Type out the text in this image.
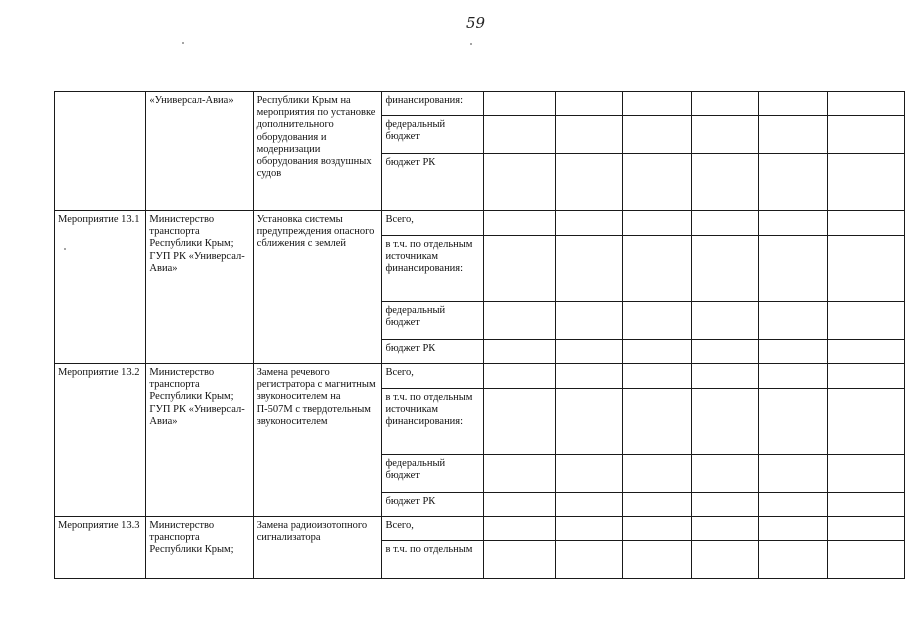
59
	«Универсал-Авиа»	Республики Крым на мероприятия по установке дополнительного оборудования и модернизации оборудования воздушных судов	финансирования:						
			федеральный бюджет						
			бюджет РК						
Мероприятие 13.1	Министерство транспорта Республики Крым; ГУП РК «Универсал-Авиа»	Установка системы предупреждения опасного сближения с землей	Всего,						
			в т.ч. по отдельным источникам финансирования:						
			федеральный бюджет						
			бюджет РК						
Мероприятие 13.2	Министерство транспорта Республики Крым; ГУП РК «Универсал-Авиа»	Замена речевого регистратора с магнитным звуконосителем на П-507М с твердотельным звуконосителем	Всего,						
			в т.ч. по отдельным источникам финансирования:						
			федеральный бюджет						
			бюджет РК						
Мероприятие 13.3	Министерство транспорта Республики Крым;	Замена радиоизотопного сигнализатора	Всего,						
			в т.ч. по отдельным						
